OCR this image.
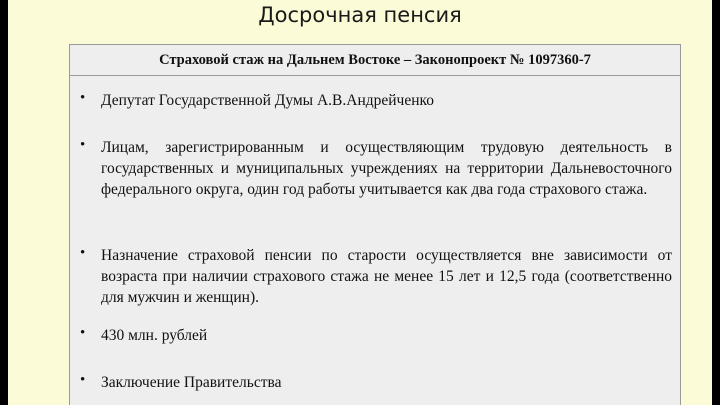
Досрочная пенсия
Страховой стаж на Дальнем Востоке – Законопроект № 1097360-7
• Депутат Государственной Думы А.В.Андрейченко
• Лицам, зарегистрированным и осуществляющим трудовую деятельность в государственных и муниципальных учреждениях на территории Дальневосточного федерального округа, один год работы учитывается как два года страхового стажа.
• Назначение страховой пенсии по старости осуществляется вне зависимости от возраста при наличии страхового стажа не менее 15 лет и 12,5 года (соответственно для мужчин и женщин).
• 430 млн. рублей
• Заключение Правительства
